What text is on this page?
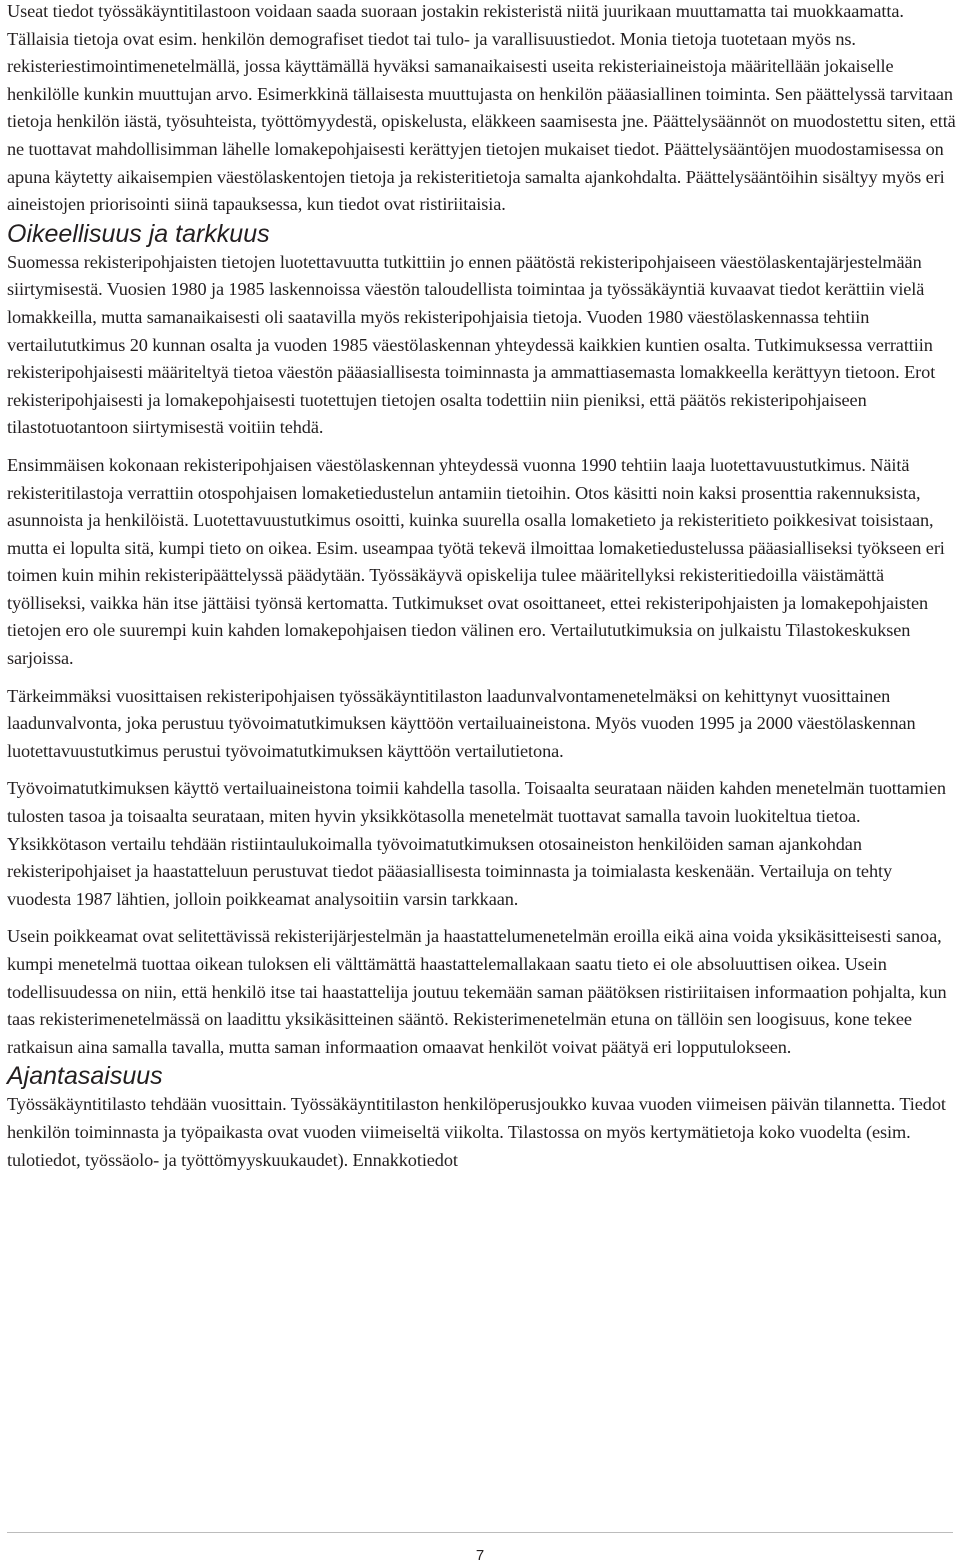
Useat tiedot työssäkäyntitilastoon voidaan saada suoraan jostakin rekisteristä niitä juurikaan muuttamatta tai muokkaamatta. Tällaisia tietoja ovat esim. henkilön demografiset tiedot tai tulo- ja varallisuustiedot. Monia tietoja tuotetaan myös ns. rekisteriestimointimenetelmällä, jossa käyttämällä hyväksi samanaikaisesti useita rekisteriaineistoja määritellään jokaiselle henkilölle kunkin muuttujan arvo. Esimerkkinä tällaisesta muuttujasta on henkilön pääasiallinen toiminta. Sen päättelyssä tarvitaan tietoja henkilön iästä, työsuhteista, työttömyydestä, opiskelusta, eläkkeen saamisesta jne. Päättelysäännöt on muodostettu siten, että ne tuottavat mahdollisimman lähelle lomakepohjaisesti kerättyjen tietojen mukaiset tiedot. Päättelysääntöjen muodostamisessa on apuna käytetty aikaisempien väestölaskentojen tietoja ja rekisteritietoja samalta ajankohdalta. Päättelysääntöihin sisältyy myös eri aineistojen priorisointi siinä tapauksessa, kun tiedot ovat ristiriitaisia.

Oikeellisuus ja tarkkuus

Suomessa rekisteripohjaisten tietojen luotettavuutta tutkittiin jo ennen päätöstä rekisteripohjaiseen väestölaskentajärjestelmään siirtymisestä. Vuosien 1980 ja 1985 laskennoissa väestön taloudellista toimintaa ja työssäkäyntiä kuvaavat tiedot kerättiin vielä lomakkeilla, mutta samanaikaisesti oli saatavilla myös rekisteripohjaisia tietoja. Vuoden 1980 väestölaskennassa tehtiin vertailututkimus 20 kunnan osalta ja vuoden 1985 väestölaskennan yhteydessä kaikkien kuntien osalta. Tutkimuksessa verrattiin rekisteripohjaisesti määriteltyä tietoa väestön pääasiallisesta toiminnasta ja ammattiasemasta lomakkeella kerättyyn tietoon. Erot rekisteripohjaisesti ja lomakepohjaisesti tuotettujen tietojen osalta todettiin niin pieniksi, että päätös rekisteripohjaiseen tilastotuotantoon siirtymisestä voitiin tehdä.

Ensimmäisen kokonaan rekisteripohjaisen väestölaskennan yhteydessä vuonna 1990 tehtiin laaja luotettavuustutkimus. Näitä rekisteritilastoja verrattiin otospohjaisen lomaketiedustelun antamiin tietoihin. Otos käsitti noin kaksi prosenttia rakennuksista, asunnoista ja henkilöistä. Luotettavuustutkimus osoitti, kuinka suurella osalla lomaketieto ja rekisteritieto poikkesivat toisistaan, mutta ei lopulta sitä, kumpi tieto on oikea. Esim. useampaa työtä tekevä ilmoittaa lomaketiedustelussa pääasialliseksi työkseen eri toimen kuin mihin rekisteripäättelyssä päädytään. Työssäkäyvä opiskelija tulee määritellyksi rekisteritiedoilla väistämättä työlliseksi, vaikka hän itse jättäisi työnsä kertomatta. Tutkimukset ovat osoittaneet, ettei rekisteripohjaisten ja lomakepohjaisten tietojen ero ole suurempi kuin kahden lomakepohjaisen tiedon välinen ero. Vertailututkimuksia on julkaistu Tilastokeskuksen sarjoissa.

Tärkeimmäksi vuosittaisen rekisteripohjaisen työssäkäyntitilaston laadunvalvontamenetelmäksi on kehittynyt vuosittainen laadunvalvonta, joka perustuu työvoimatutkimuksen käyttöön vertailuaineistona. Myös vuoden 1995 ja 2000 väestölaskennan luotettavuustutkimus perustui työvoimatutkimuksen käyttöön vertailutietona.

Työvoimatutkimuksen käyttö vertailuaineistona toimii kahdella tasolla. Toisaalta seurataan näiden kahden menetelmän tuottamien tulosten tasoa ja toisaalta seurataan, miten hyvin yksikkötasolla menetelmät tuottavat samalla tavoin luokiteltua tietoa. Yksikkötason vertailu tehdään ristiintaulukoimalla työvoimatutkimuksen otosaineiston henkilöiden saman ajankohdan rekisteripohjaiset ja haastatteluun perustuvat tiedot pääasiallisesta toiminnasta ja toimialasta keskenään. Vertailuja on tehty vuodesta 1987 lähtien, jolloin poikkeamat analysoitiin varsin tarkkaan.

Usein poikkeamat ovat selitettävissä rekisterijärjestelmän ja haastattelumenetelmän eroilla eikä aina voida yksikäsitteisesti sanoa, kumpi menetelmä tuottaa oikean tuloksen eli välttämättä haastattelemallakaan saatu tieto ei ole absoluuttisen oikea. Usein todellisuudessa on niin, että henkilö itse tai haastattelija joutuu tekemään saman päätöksen ristiriitaisen informaation pohjalta, kun taas rekisterimenetelmässä on laadittu yksikäsitteinen sääntö. Rekisterimenetelmän etuna on tällöin sen loogisuus, kone tekee ratkaisun aina samalla tavalla, mutta saman informaation omaavat henkilöt voivat päätyä eri lopputulokseen.

Ajantasaisuus

Työssäkäyntitilasto tehdään vuosittain. Työssäkäyntitilaston henkilöperusjoukko kuvaa vuoden viimeisen päivän tilannetta. Tiedot henkilön toiminnasta ja työpaikasta ovat vuoden viimeiseltä viikolta. Tilastossa on myös kertymätietoja koko vuodelta (esim. tulotiedot, työssäolo- ja työttömyyskuukaudet). Ennakkotiedot

7
